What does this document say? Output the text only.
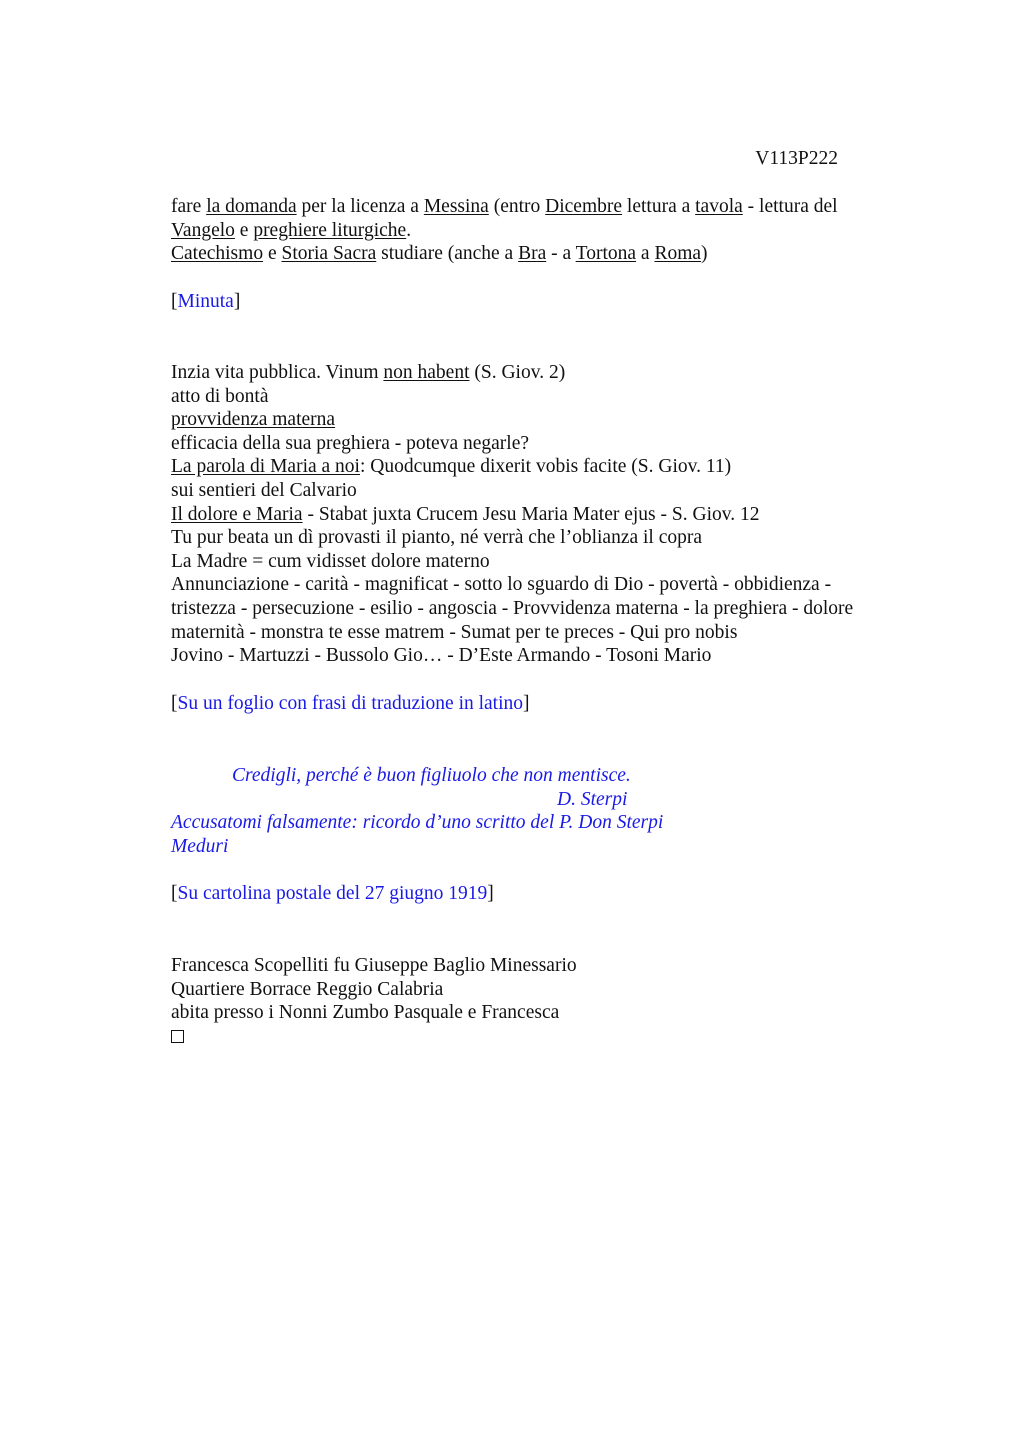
V113P222

fare la domanda per la licenza a Messina (entro Dicembre lettura a tavola - lettura del
Vangelo e preghiere liturgiche.
Catechismo e Storia Sacra studiare (anche a Bra - a Tortona a Roma)
[Minuta]
Inzia vita pubblica. Vinum non habent (S. Giov. 2)
atto di bontà
provvidenza materna
efficacia della sua preghiera - poteva negarle?
La parola di Maria a noi: Quodcumque dixerit vobis facite (S. Giov. 11)
sui sentieri del Calvario
Il dolore e Maria - Stabat juxta Crucem Jesu Maria Mater ejus - S. Giov. 12
Tu pur beata un dì provasti il pianto, né verrà che l’oblianza il copra
La Madre = cum vidisset dolore materno
Annunciazione - carità - magnificat - sotto lo sguardo di Dio - povertà - obbidienza -
tristezza - persecuzione - esilio - angoscia - Provvidenza materna - la preghiera - dolore
maternità - monstra te esse matrem - Sumat per te preces - Qui pro nobis
Jovino - Martuzzi - Bussolo Gio… - D’Este Armando - Tosoni Mario
[Su un foglio con frasi di traduzione in latino]
Credigli, perché è buon figliuolo che non mentisce.
D. Sterpi
Accusatomi falsamente: ricordo d’uno scritto del P. Don Sterpi
Meduri
[Su cartolina postale del 27 giugno 1919]
Francesca Scopelliti fu Giuseppe Baglio Minessario
Quartiere Borrace Reggio Calabria
abita presso i Nonni Zumbo Pasquale e Francesca
